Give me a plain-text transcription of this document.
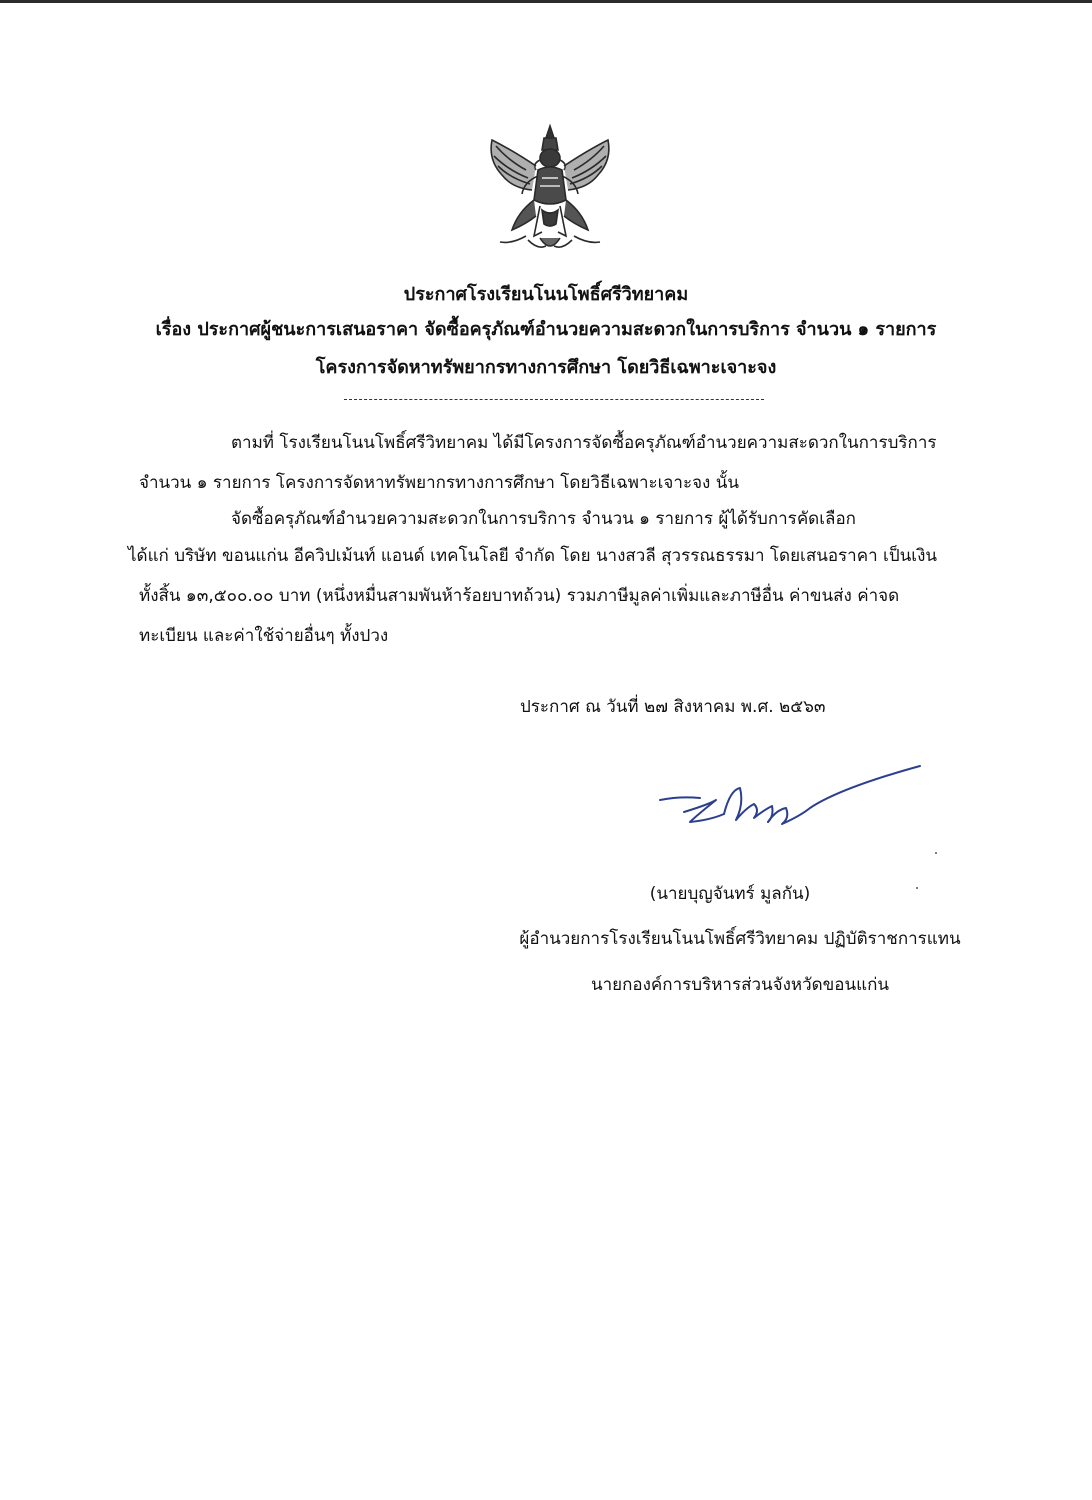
ประกาศโรงเรียนโนนโพธิ์ศรีวิทยาคม
เรื่อง ประกาศผู้ชนะการเสนอราคา จัดซื้อครุภัณฑ์อำนวยความสะดวกในการบริการ จำนวน ๑ รายการ
โครงการจัดหาทรัพยากรทางการศึกษา โดยวิธีเฉพาะเจาะจง
ตามที่ โรงเรียนโนนโพธิ์ศรีวิทยาคม ได้มีโครงการจัดซื้อครุภัณฑ์อำนวยความสะดวกในการบริการ
จำนวน ๑ รายการ โครงการจัดหาทรัพยากรทางการศึกษา โดยวิธีเฉพาะเจาะจง นั้น
จัดซื้อครุภัณฑ์อำนวยความสะดวกในการบริการ จำนวน ๑ รายการ ผู้ได้รับการคัดเลือก
ได้แก่ บริษัท ขอนแก่น อีควิปเม้นท์ แอนด์ เทคโนโลยี จำกัด โดย นางสวลี สุวรรณธรรมา โดยเสนอราคา เป็นเงิน
ทั้งสิ้น ๑๓,๕๐๐.๐๐ บาท (หนึ่งหมื่นสามพันห้าร้อยบาทถ้วน) รวมภาษีมูลค่าเพิ่มและภาษีอื่น ค่าขนส่ง ค่าจด
ทะเบียน และค่าใช้จ่ายอื่นๆ ทั้งปวง
ประกาศ ณ วันที่ ๒๗ สิงหาคม พ.ศ. ๒๕๖๓
(นายบุญจันทร์ มูลกัน)
ผู้อำนวยการโรงเรียนโนนโพธิ์ศรีวิทยาคม ปฏิบัติราชการแทน
นายกองค์การบริหารส่วนจังหวัดขอนแก่น
